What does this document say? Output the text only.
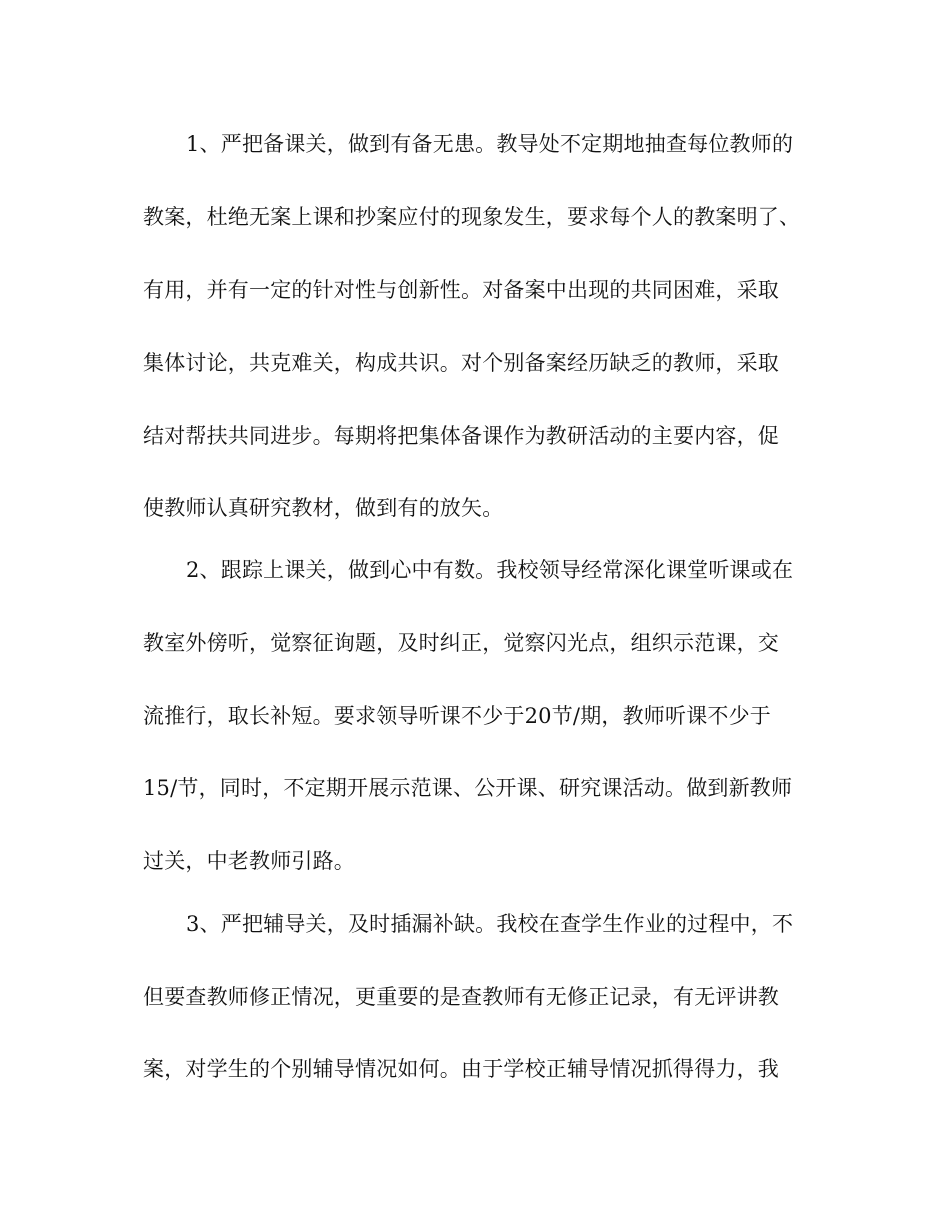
1、严把备课关，做到有备无患。教导处不定期地抽查每位教师的
教案，杜绝无案上课和抄案应付的现象发生，要求每个人的教案明了、
有用，并有一定的针对性与创新性。对备案中出现的共同困难，采取
集体讨论，共克难关，构成共识。对个别备案经历缺乏的教师，采取
结对帮扶共同进步。每期将把集体备课作为教研活动的主要内容，促
使教师认真研究教材，做到有的放矢。
2、跟踪上课关，做到心中有数。我校领导经常深化课堂听课或在
教室外傍听，觉察征询题，及时纠正，觉察闪光点，组织示范课，交
流推行，取长补短。要求领导听课不少于20节/期，教师听课不少于
15/节，同时，不定期开展示范课、公开课、研究课活动。做到新教师
过关，中老教师引路。
3、严把辅导关，及时插漏补缺。我校在查学生作业的过程中，不
但要查教师修正情况，更重要的是查教师有无修正记录，有无评讲教
案，对学生的个别辅导情况如何。由于学校正辅导情况抓得得力，我
